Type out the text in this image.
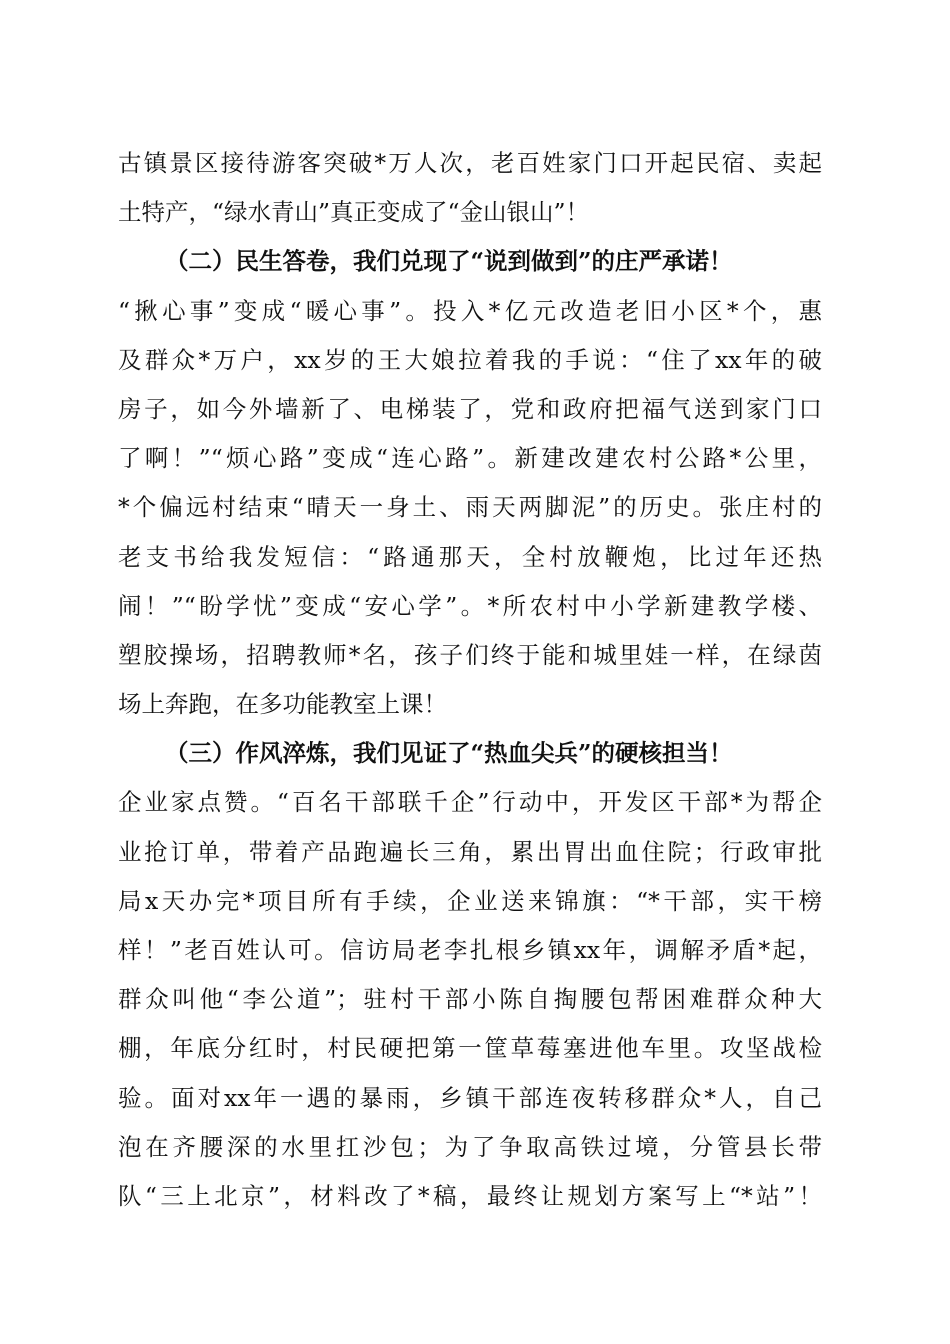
古镇景区接待游客突破*万人次，老百姓家门口开起民宿、卖起
土特产，“绿水青山”真正变成了“金山银山”！
（二）民生答卷，我们兑现了“说到做到”的庄严承诺！
“揪心事”变成“暖心事”。投入*亿元改造老旧小区*个，惠
及群众*万户，xx岁的王大娘拉着我的手说：“住了xx年的破
房子，如今外墙新了、电梯装了，党和政府把福气送到家门口
了啊！”“烦心路”变成“连心路”。新建改建农村公路*公里，
*个偏远村结束“晴天一身土、雨天两脚泥”的历史。张庄村的
老支书给我发短信：“路通那天，全村放鞭炮，比过年还热
闹！”“盼学忧”变成“安心学”。*所农村中小学新建教学楼、
塑胶操场，招聘教师*名，孩子们终于能和城里娃一样，在绿茵
场上奔跑，在多功能教室上课！
（三）作风淬炼，我们见证了“热血尖兵”的硬核担当！
企业家点赞。“百名干部联千企”行动中，开发区干部*为帮企
业抢订单，带着产品跑遍长三角，累出胃出血住院；行政审批
局x天办完*项目所有手续，企业送来锦旗：“*干部，实干榜
样！”老百姓认可。信访局老李扎根乡镇xx年，调解矛盾*起，
群众叫他“李公道”；驻村干部小陈自掏腰包帮困难群众种大
棚，年底分红时，村民硬把第一筐草莓塞进他车里。攻坚战检
验。面对xx年一遇的暴雨，乡镇干部连夜转移群众*人，自己
泡在齐腰深的水里扛沙包；为了争取高铁过境，分管县长带
队“三上北京”，材料改了*稿，最终让规划方案写上“*站”！
